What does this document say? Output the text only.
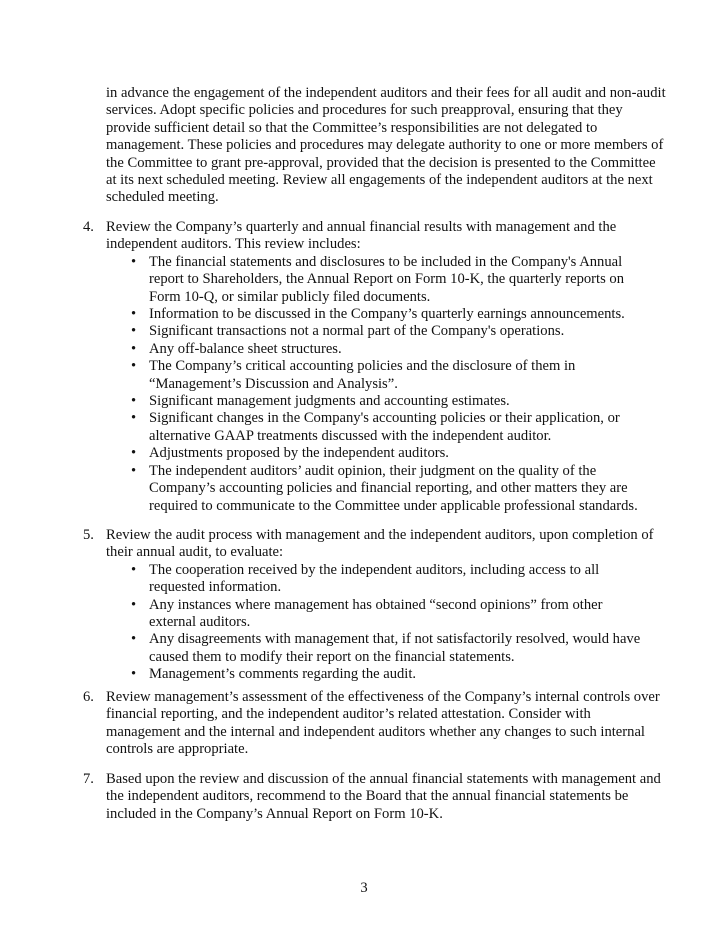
in advance the engagement of the independent auditors and their fees for all audit and non-audit services. Adopt specific policies and procedures for such preapproval, ensuring that they provide sufficient detail so that the Committee’s responsibilities are not delegated to management. These policies and procedures may delegate authority to one or more members of the Committee to grant pre-approval, provided that the decision is presented to the Committee at its next scheduled meeting. Review all engagements of the independent auditors at the next scheduled meeting.
4. Review the Company’s quarterly and annual financial results with management and the independent auditors. This review includes:
• The financial statements and disclosures to be included in the Company's Annual report to Shareholders, the Annual Report on Form 10-K, the quarterly reports on Form 10-Q, or similar publicly filed documents.
• Information to be discussed in the Company’s quarterly earnings announcements.
• Significant transactions not a normal part of the Company's operations.
• Any off-balance sheet structures.
• The Company’s critical accounting policies and the disclosure of them in “Management’s Discussion and Analysis”.
• Significant management judgments and accounting estimates.
• Significant changes in the Company's accounting policies or their application, or alternative GAAP treatments discussed with the independent auditor.
• Adjustments proposed by the independent auditors.
• The independent auditors’ audit opinion, their judgment on the quality of the Company’s accounting policies and financial reporting, and other matters they are required to communicate to the Committee under applicable professional standards.
5. Review the audit process with management and the independent auditors, upon completion of their annual audit, to evaluate:
• The cooperation received by the independent auditors, including access to all requested information.
• Any instances where management has obtained “second opinions” from other external auditors.
• Any disagreements with management that, if not satisfactorily resolved, would have caused them to modify their report on the financial statements.
• Management’s comments regarding the audit.
6. Review management’s assessment of the effectiveness of the Company’s internal controls over financial reporting, and the independent auditor’s related attestation. Consider with management and the internal and independent auditors whether any changes to such internal controls are appropriate.
7. Based upon the review and discussion of the annual financial statements with management and the independent auditors, recommend to the Board that the annual financial statements be included in the Company’s Annual Report on Form 10-K.
3
